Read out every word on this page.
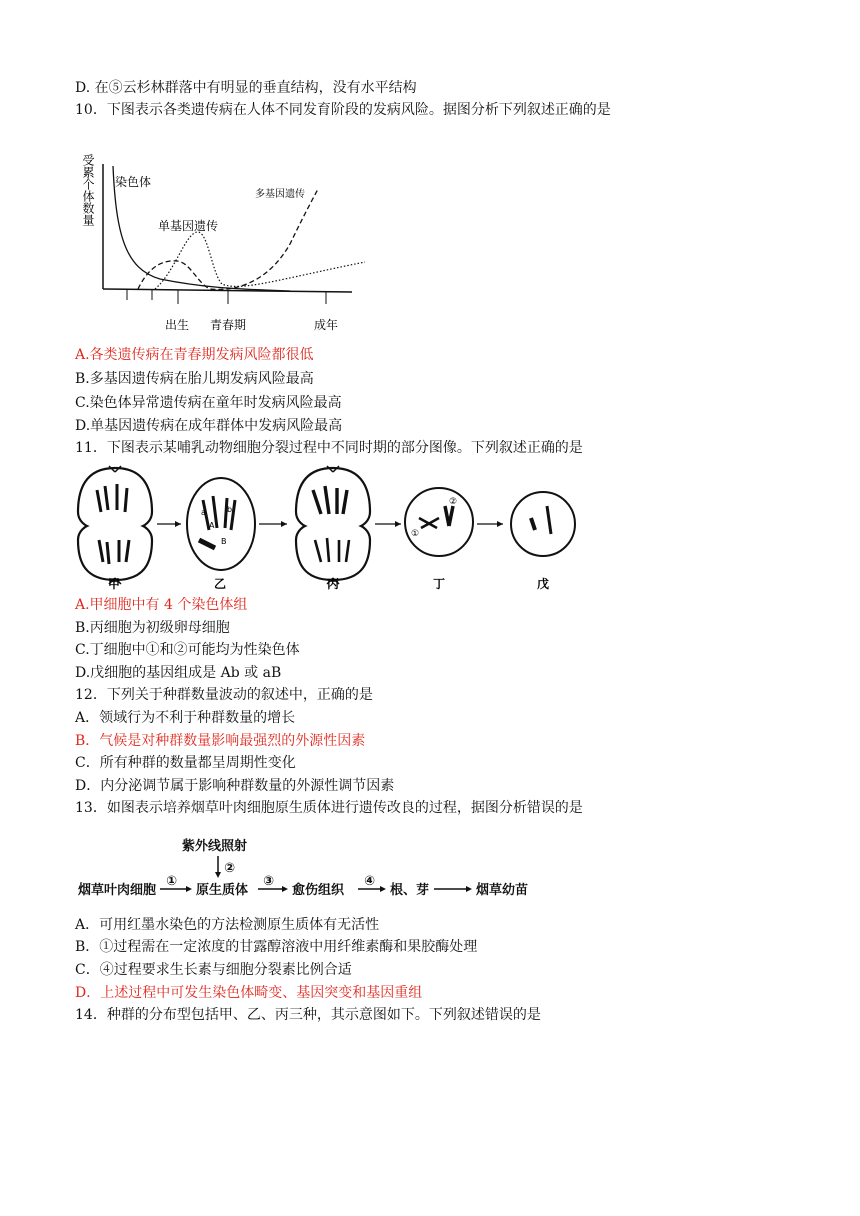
D. 在⑤云杉林群落中有明显的垂直结构，没有水平结构
10．下图表示各类遗传病在人体不同发育阶段的发病风险。据图分析下列叙述正确的是
受累个体数量 染色体
单基因遗传
多基因遗传
出生 青春期	成年
A.各类遗传病在青春期发病风险都很低
B.多基因遗传病在胎儿期发病风险最高
C.染色体异常遗传病在童年时发病风险最高
D.单基因遗传病在成年群体中发病风险最高
11．下图表示某哺乳动物细胞分裂过程中不同时期的部分图像。下列叙述正确的是
a	b
A
B
①
②
甲	乙	丙	丁	戊
A.甲细胞中有 4 个染色体组
B.丙细胞为初级卵母细胞
C.丁细胞中①和②可能均为性染色体
D.戊细胞的基因组成是 Ab 或 aB
12．下列关于种群数量波动的叙述中，正确的是
A．领域行为不利于种群数量的增长
B．气候是对种群数量影响最强烈的外源性因素
C．所有种群的数量都呈周期性变化
D．内分泌调节属于影响种群数量的外源性调节因素
13．如图表示培养烟草叶肉细胞原生质体进行遗传改良的过程，据图分析错误的是
紫外线照射
②
①	③	④
烟草叶肉细胞	原生质体	愈伤组织	根、芽	烟草幼苗
A．可用红墨水染色的方法检测原生质体有无活性
B．①过程需在一定浓度的甘露醇溶液中用纤维素酶和果胶酶处理
C．④过程要求生长素与细胞分裂素比例合适
D．上述过程中可发生染色体畸变、基因突变和基因重组
14．种群的分布型包括甲、乙、丙三种，其示意图如下。下列叙述错误的是
